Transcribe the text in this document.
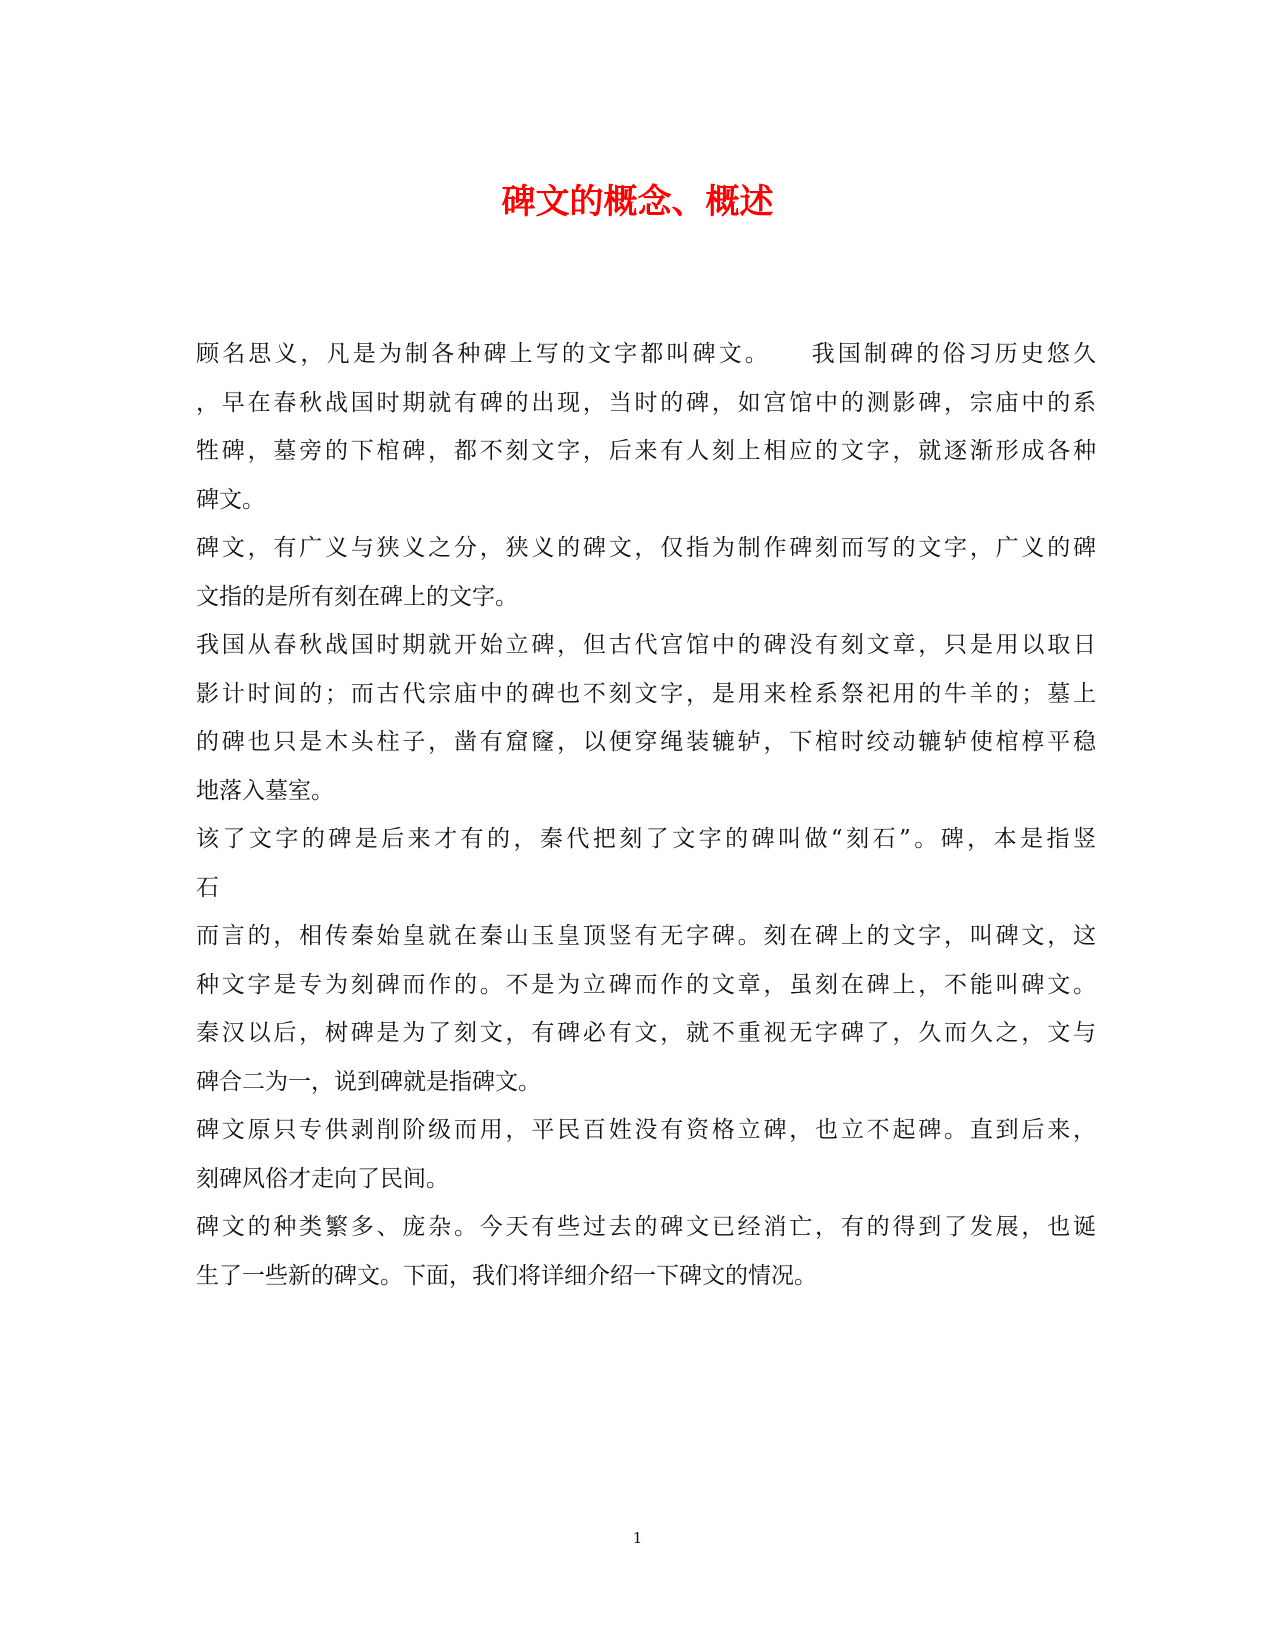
碑文的概念、概述
顾名思义，凡是为制各种碑上写的文字都叫碑文。　　我国制碑的俗习历史悠久
，早在春秋战国时期就有碑的出现，当时的碑，如宫馆中的测影碑，宗庙中的系
牲碑，墓旁的下棺碑，都不刻文字，后来有人刻上相应的文字，就逐渐形成各种
碑文。
碑文，有广义与狭义之分，狭义的碑文，仅指为制作碑刻而写的文字，广义的碑
文指的是所有刻在碑上的文字。
我国从春秋战国时期就开始立碑，但古代宫馆中的碑没有刻文章，只是用以取日
影计时间的；而古代宗庙中的碑也不刻文字，是用来栓系祭祀用的牛羊的；墓上
的碑也只是木头柱子，凿有窟窿，以便穿绳装辘轳，下棺时绞动辘轳使棺椁平稳
地落入墓室。
该了文字的碑是后来才有的，秦代把刻了文字的碑叫做“刻石”。碑，本是指竖
石
而言的，相传秦始皇就在秦山玉皇顶竖有无字碑。刻在碑上的文字，叫碑文，这
种文字是专为刻碑而作的。不是为立碑而作的文章，虽刻在碑上，不能叫碑文。
秦汉以后，树碑是为了刻文，有碑必有文，就不重视无字碑了，久而久之，文与
碑合二为一，说到碑就是指碑文。
碑文原只专供剥削阶级而用，平民百姓没有资格立碑，也立不起碑。直到后来，
刻碑风俗才走向了民间。
碑文的种类繁多、庞杂。今天有些过去的碑文已经消亡，有的得到了发展，也诞
生了一些新的碑文。下面，我们将详细介绍一下碑文的情况。
1
